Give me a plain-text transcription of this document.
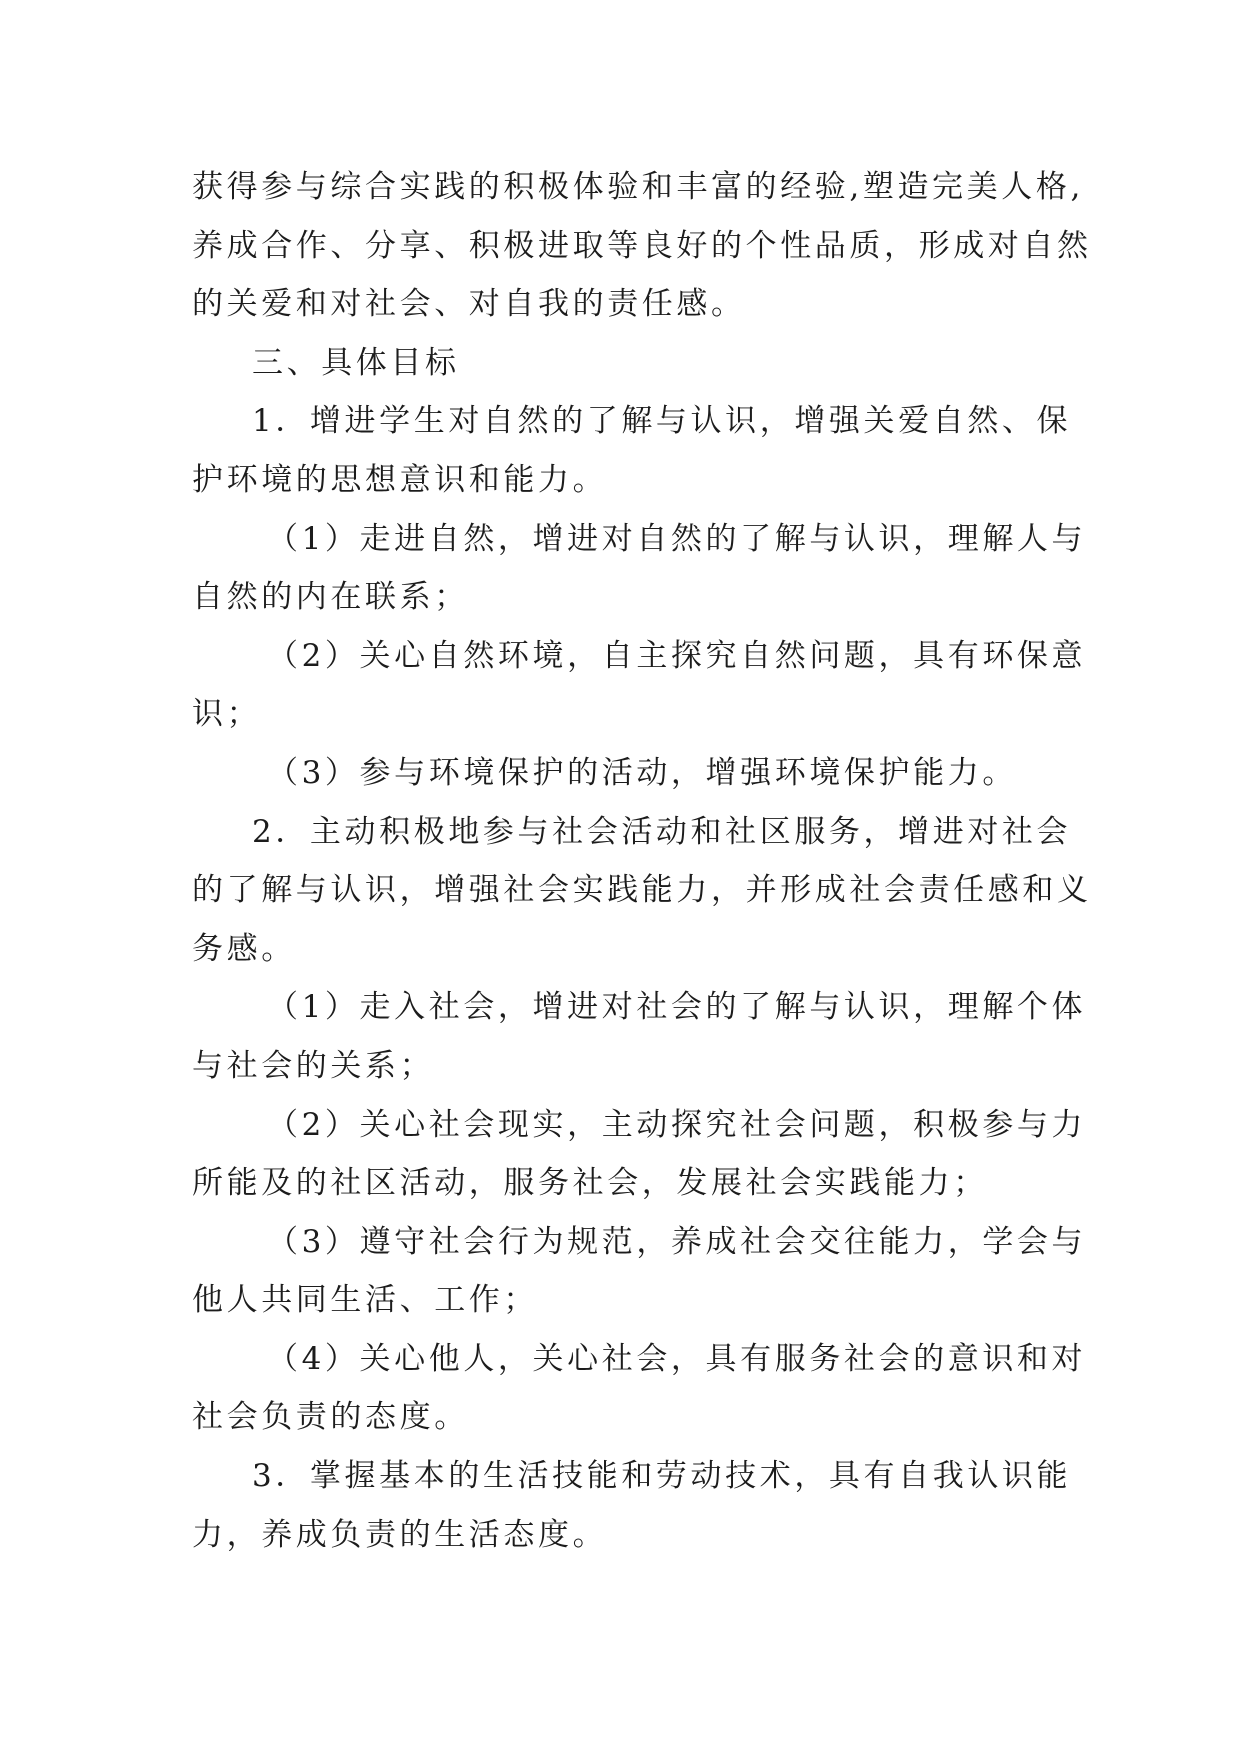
获得参与综合实践的积极体验和丰富的经验,塑造完美人格,
养成合作、分享、积极进取等良好的个性品质，形成对自然
的关爱和对社会、对自我的责任感。

三、具体目标

1．增进学生对自然的了解与认识，增强关爱自然、保
护环境的思想意识和能力。

（1）走进自然，增进对自然的了解与认识，理解人与
自然的内在联系；

（2）关心自然环境，自主探究自然问题，具有环保意
识；

（3）参与环境保护的活动，增强环境保护能力。

2．主动积极地参与社会活动和社区服务，增进对社会
的了解与认识，增强社会实践能力，并形成社会责任感和义
务感。

（1）走入社会，增进对社会的了解与认识，理解个体
与社会的关系；

（2）关心社会现实，主动探究社会问题，积极参与力
所能及的社区活动，服务社会，发展社会实践能力；

（3）遵守社会行为规范，养成社会交往能力，学会与
他人共同生活、工作；

（4）关心他人，关心社会，具有服务社会的意识和对
社会负责的态度。

3．掌握基本的生活技能和劳动技术，具有自我认识能
力，养成负责的生活态度。
